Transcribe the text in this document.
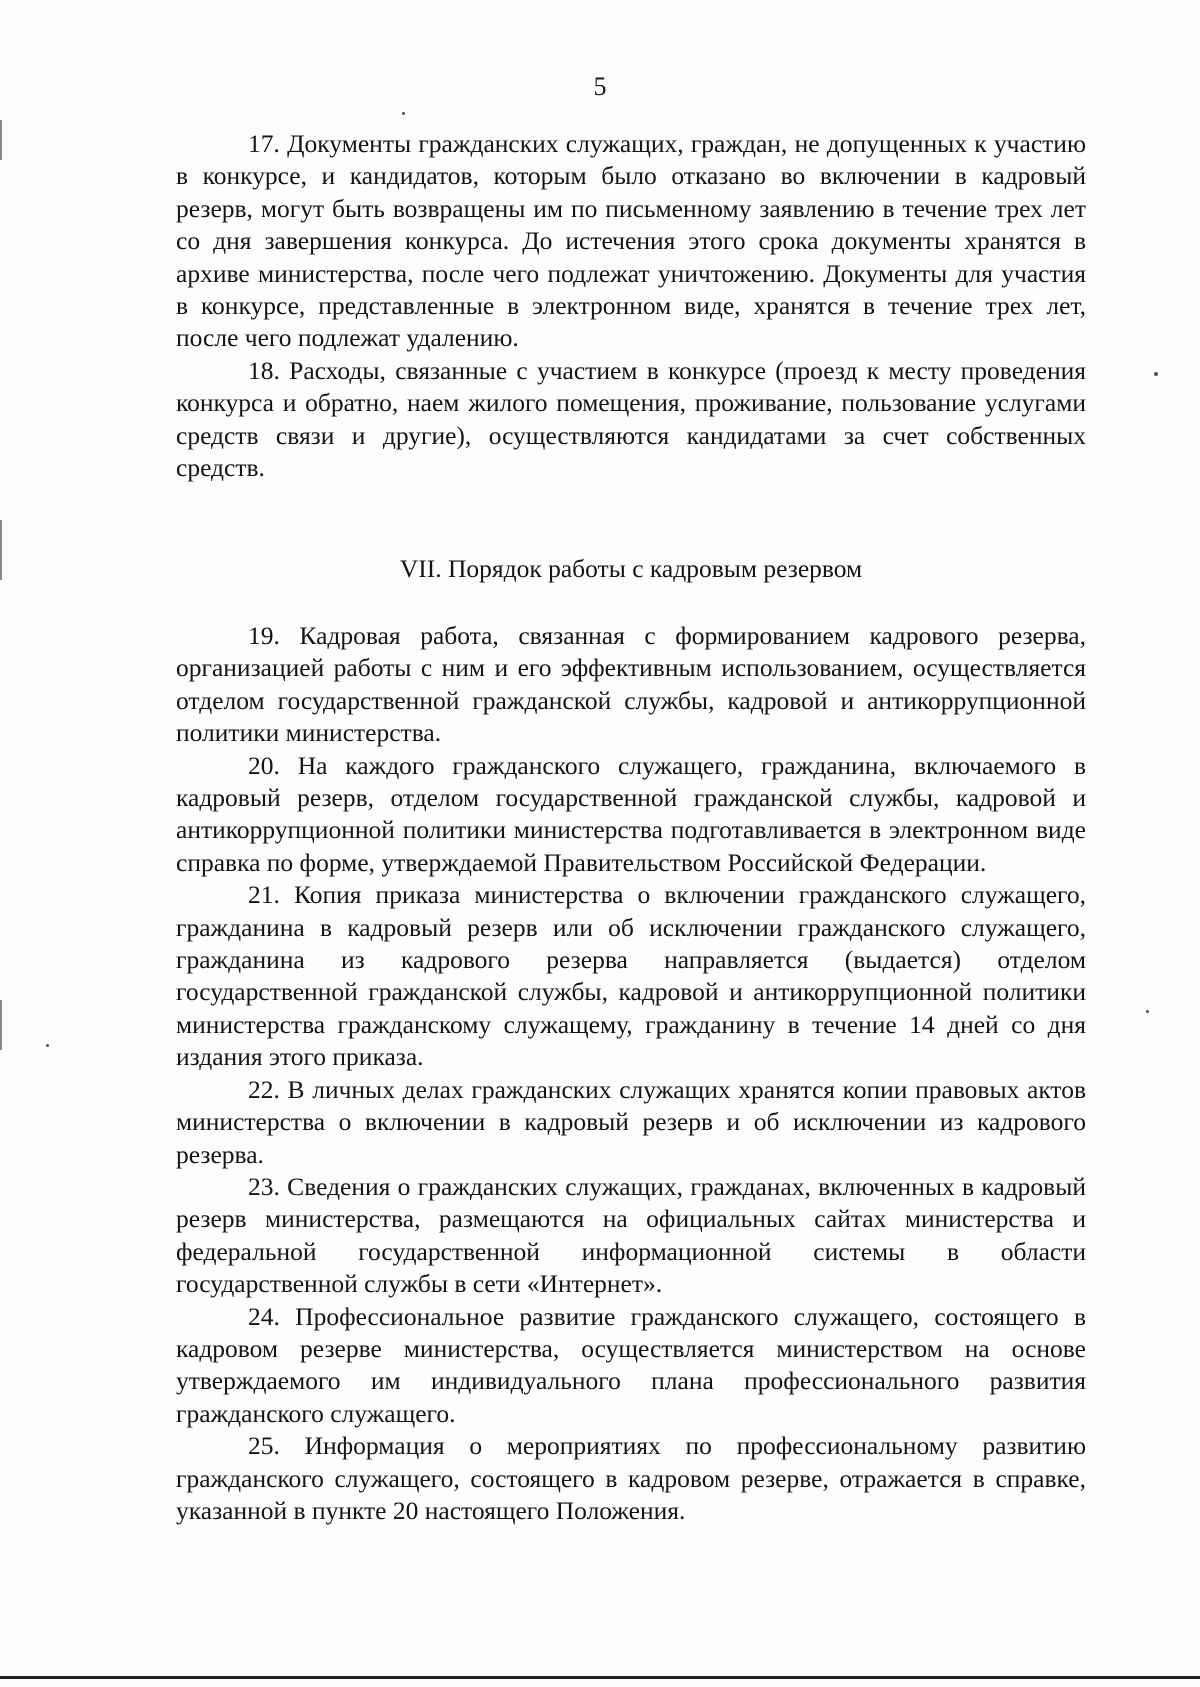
5

17. Документы гражданских служащих, граждан, не допущенных к участию в конкурсе, и кандидатов, которым было отказано во включении в кадровый резерв, могут быть возвращены им по письменному заявлению в течение трех лет со дня завершения конкурса. До истечения этого срока документы хранятся в архиве министерства, после чего подлежат уничтожению. Документы для участия в конкурсе, представленные в электронном виде, хранятся в течение трех лет, после чего подлежат удалению.

18. Расходы, связанные с участием в конкурсе (проезд к месту проведения конкурса и обратно, наем жилого помещения, проживание, пользование услугами средств связи и другие), осуществляются кандидатами за счет собственных средств.

VII. Порядок работы с кадровым резервом

19. Кадровая работа, связанная с формированием кадрового резерва, организацией работы с ним и его эффективным использованием, осуществляется отделом государственной гражданской службы, кадровой и антикоррупционной политики министерства.

20. На каждого гражданского служащего, гражданина, включаемого в кадровый резерв, отделом государственной гражданской службы, кадровой и антикоррупционной политики министерства подготавливается в электронном виде справка по форме, утверждаемой Правительством Российской Федерации.

21. Копия приказа министерства о включении гражданского служащего, гражданина в кадровый резерв или об исключении гражданского служащего, гражданина из кадрового резерва направляется (выдается) отделом государственной гражданской службы, кадровой и антикоррупционной политики министерства гражданскому служащему, гражданину в течение 14 дней со дня издания этого приказа.

22. В личных делах гражданских служащих хранятся копии правовых актов министерства о включении в кадровый резерв и об исключении из кадрового резерва.

23. Сведения о гражданских служащих, гражданах, включенных в кадровый резерв министерства, размещаются на официальных сайтах министерства и федеральной государственной информационной системы в области государственной службы в сети «Интернет».

24. Профессиональное развитие гражданского служащего, состоящего в кадровом резерве министерства, осуществляется министерством на основе утверждаемого им индивидуального плана профессионального развития гражданского служащего.

25. Информация о мероприятиях по профессиональному развитию гражданского служащего, состоящего в кадровом резерве, отражается в справке, указанной в пункте 20 настоящего Положения.
